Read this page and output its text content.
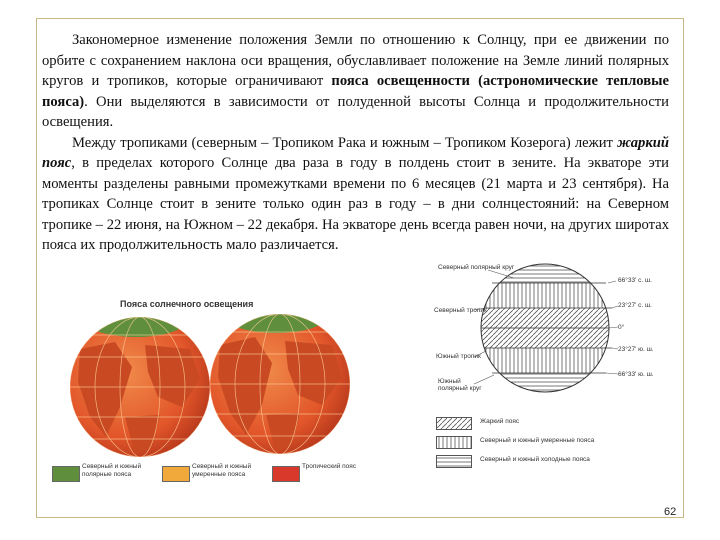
Закономерное изменение положения Земли по отношению к Солнцу, при ее движении по орбите с сохранением наклона оси вращения, обуславливает положение на Земле линий полярных кругов и тропиков, которые ограничивают пояса освещенности (астрономические тепловые пояса). Они выделяются в зависимости от полуденной высоты Солнца и продолжительности освещения.

Между тропиками (северным – Тропиком Рака и южным – Тропиком Козерога) лежит жаркий пояс, в пределах которого Солнце два раза в году в полдень стоит в зените. На экваторе эти моменты разделены равными промежутками времени по 6 месяцев (21 марта и 23 сентября). На тропиках Солнце стоит в зените только один раз в году – в дни солнцестояний: на Северном тропике – 22 июня, на Южном – 22 декабря. На экваторе день всегда равен ночи, на других широтах пояса их продолжительность мало различается.

Пояса солнечного освещения
Северный и южный полярные пояса
Северный и южный умеренные пояса
Тропический пояс
Северный полярный круг
Северный тропик
Южный тропик
Южный
полярный круг
66°33' с. ш.
23°27' с. ш.
0°
23°27' ю. ш.
66°33' ю. ш.
Жаркий пояс
Северный и южный умеренные пояса
Северный и южный холодные пояса
62
